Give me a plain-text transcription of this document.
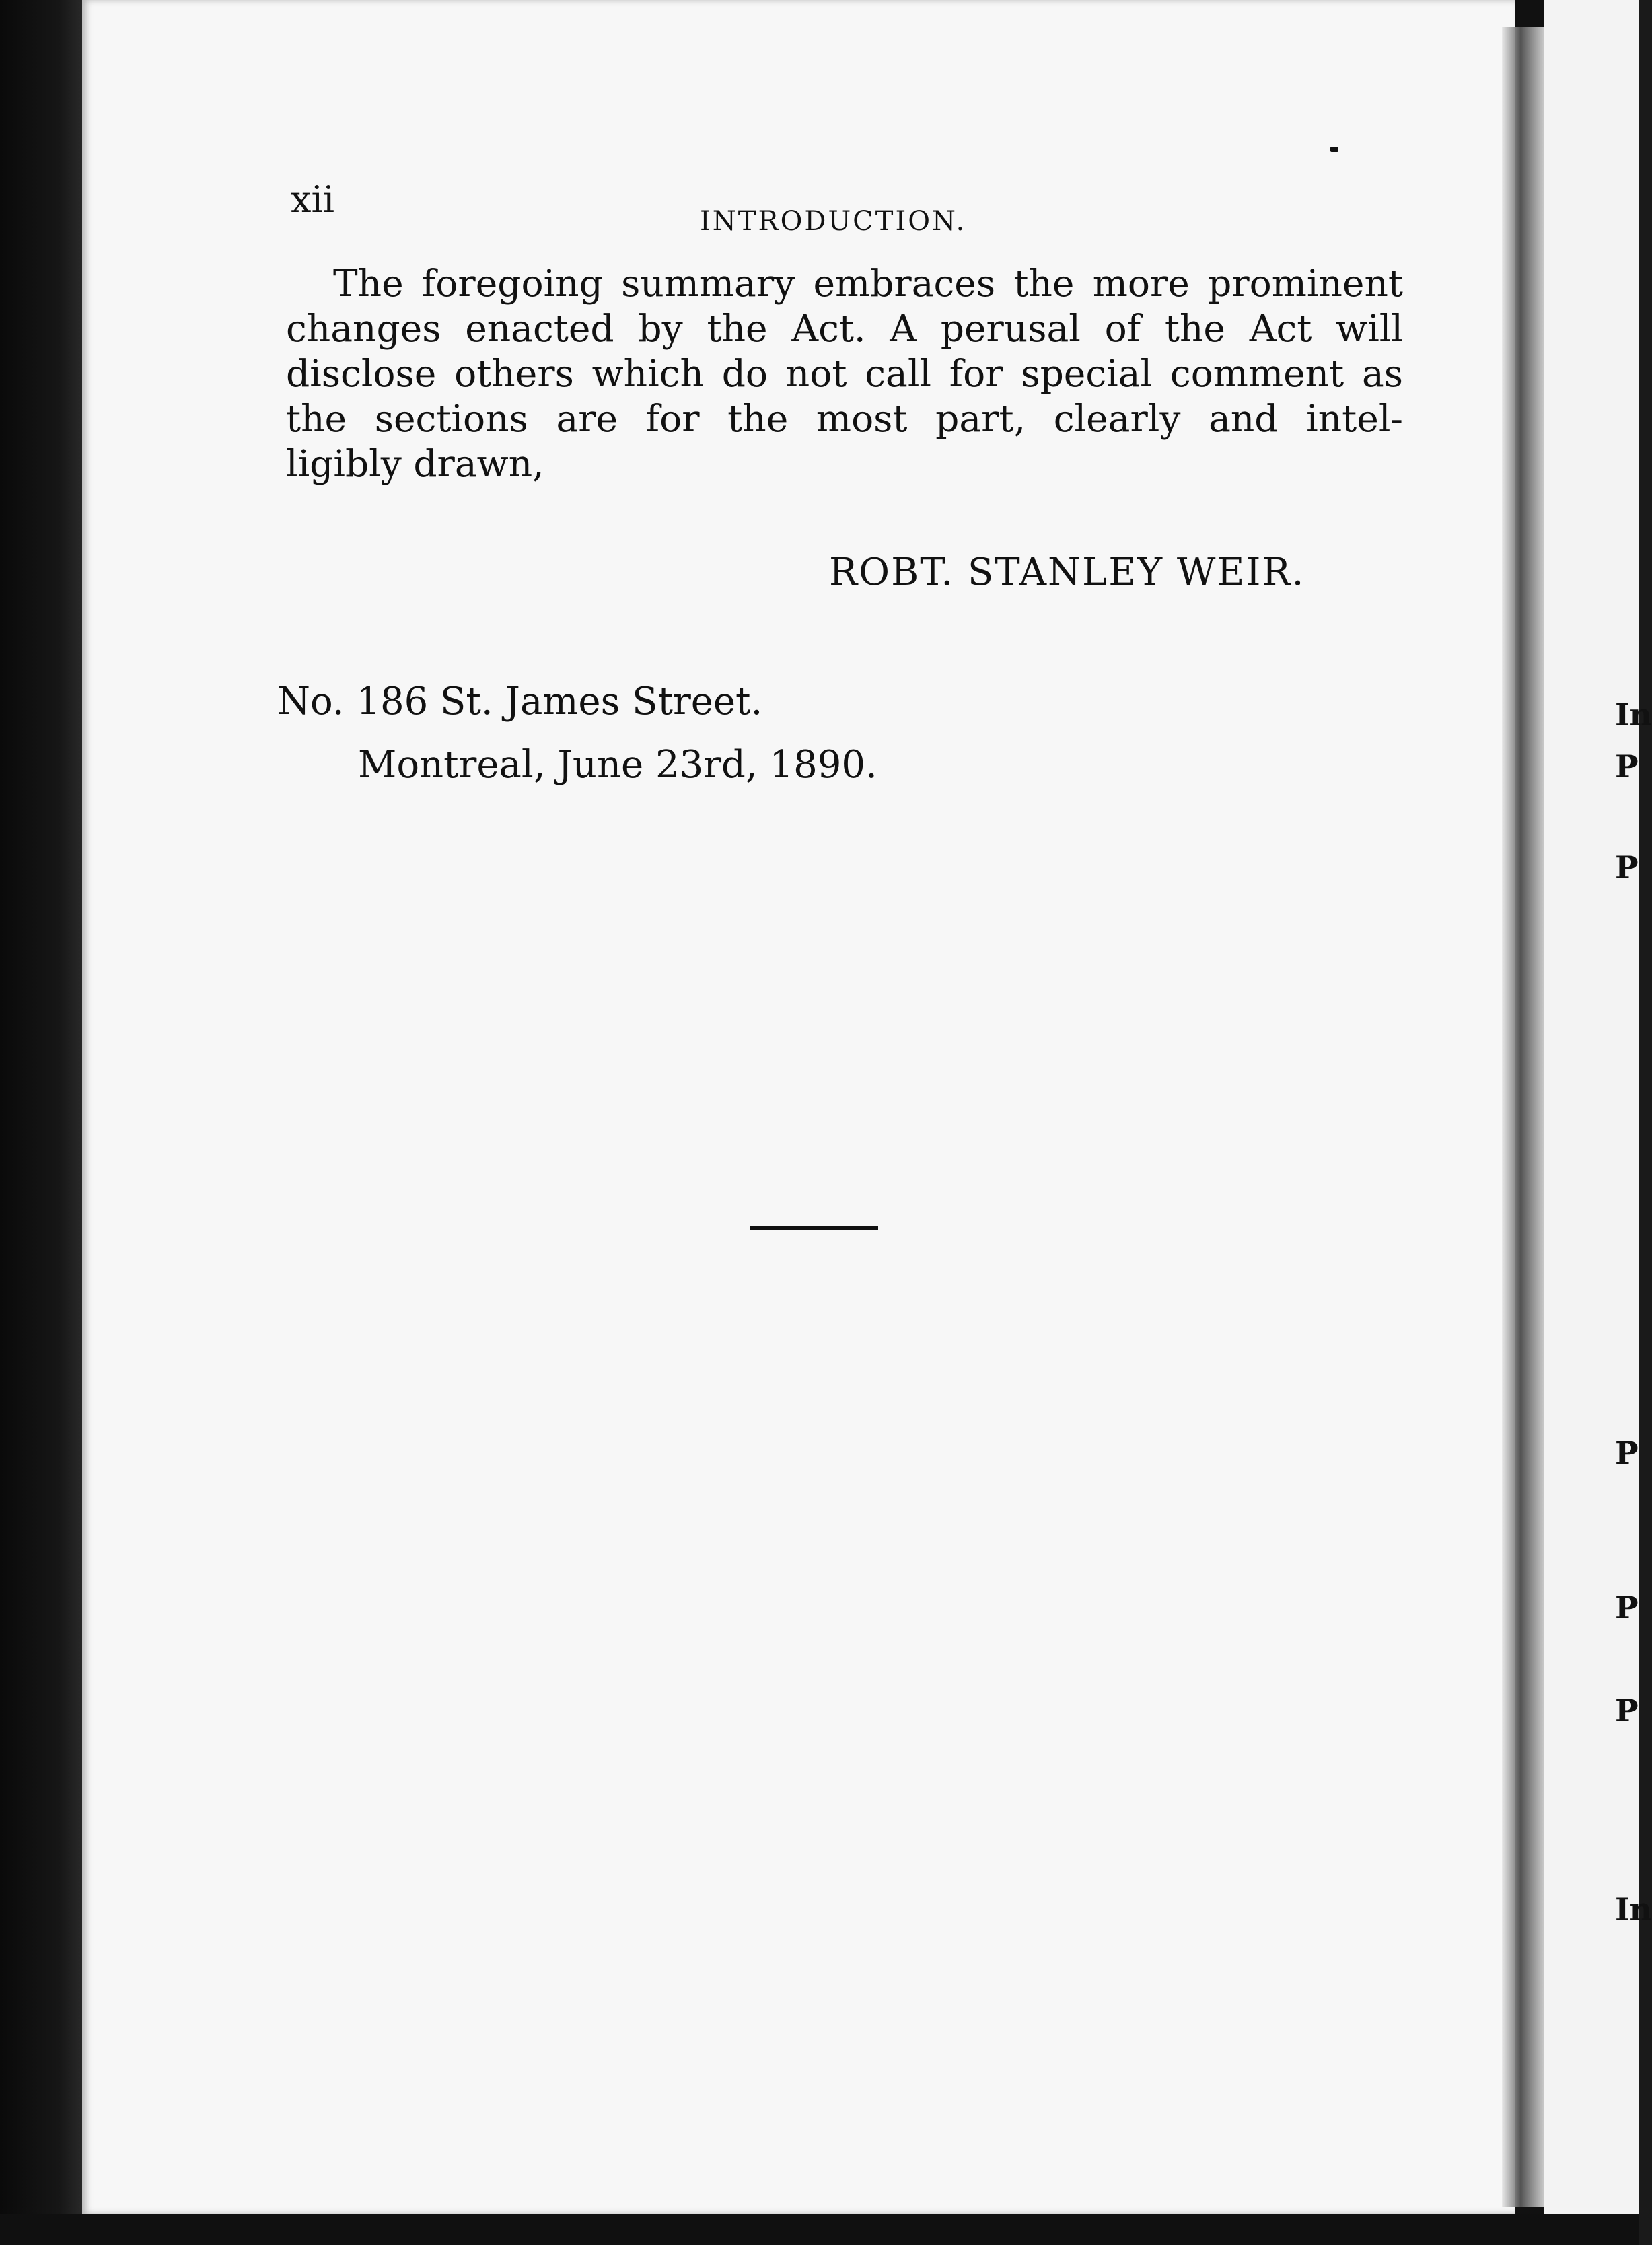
xii
INTRODUCTION.
The foregoing summary embraces the more prominent
changes enacted by the Act. A perusal of the Act will
disclose others which do not call for special comment as
the sections are for the most part, clearly and intel-
ligibly drawn,
ROBT. STANLEY WEIR.
No. 186 St. James Street.
Montreal, June 23rd, 1890.
In
P
P
P
P
P
In
